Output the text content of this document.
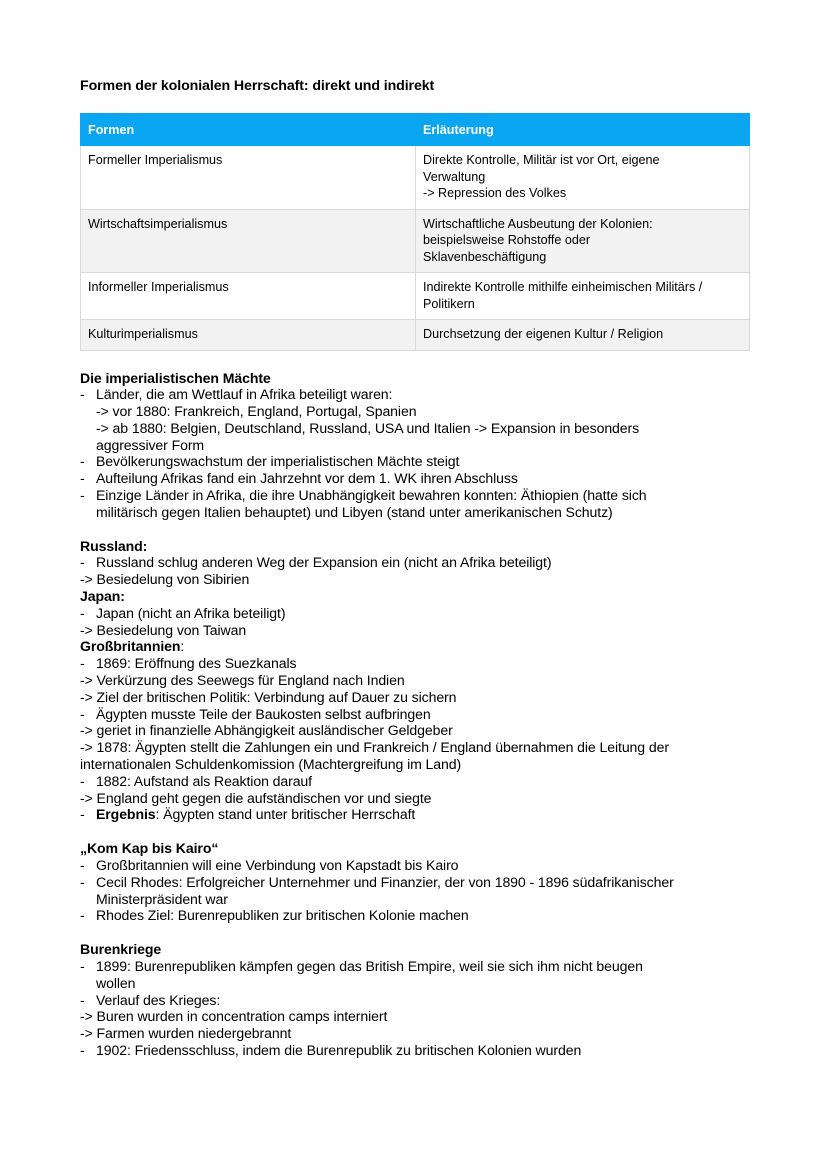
Formen der kolonialen Herrschaft: direkt und indirekt
Formen	Erläuterung
Formeller Imperialismus	Direkte Kontrolle, Militär ist vor Ort, eigene
Verwaltung
-> Repression des Volkes

Wirtschaftsimperialismus	Wirtschaftliche Ausbeutung der Kolonien:
beispielsweise Rohstoffe oder
Sklavenbeschäftigung

Informeller Imperialismus	Indirekte Kontrolle mithilfe einheimischen Militärs /
Politikern

Kulturimperialismus	Durchsetzung der eigenen Kultur / Religion
Die imperialistischen Mächte
- Länder, die am Wettlauf in Afrika beteiligt waren:
-> vor 1880: Frankreich, England, Portugal, Spanien
-> ab 1880: Belgien, Deutschland, Russland, USA und Italien -> Expansion in besonders
aggressiver Form
- Bevölkerungswachstum der imperialistischen Mächte steigt
- Aufteilung Afrikas fand ein Jahrzehnt vor dem 1. WK ihren Abschluss
- Einzige Länder in Afrika, die ihre Unabhängigkeit bewahren konnten: Äthiopien (hatte sich
militärisch gegen Italien behauptet) und Libyen (stand unter amerikanischen Schutz)
Russland:
- Russland schlug anderen Weg der Expansion ein (nicht an Afrika beteiligt)
-> Besiedelung von Sibirien
Japan:
- Japan (nicht an Afrika beteiligt)
-> Besiedelung von Taiwan
Großbritannien:
- 1869: Eröffnung des Suezkanals
-> Verkürzung des Seewegs für England nach Indien
-> Ziel der britischen Politik: Verbindung auf Dauer zu sichern
- Ägypten musste Teile der Baukosten selbst aufbringen
-> geriet in finanzielle Abhängigkeit ausländischer Geldgeber
-> 1878: Ägypten stellt die Zahlungen ein und Frankreich / England übernahmen die Leitung der
internationalen Schuldenkomission (Machtergreifung im Land)
- 1882: Aufstand als Reaktion darauf
-> England geht gegen die aufständischen vor und siegte
- Ergebnis: Ägypten stand unter britischer Herrschaft
„Kom Kap bis Kairo“
- Großbritannien will eine Verbindung von Kapstadt bis Kairo
- Cecil Rhodes: Erfolgreicher Unternehmer und Finanzier, der von 1890 - 1896 südafrikanischer
Ministerpräsident war
- Rhodes Ziel: Burenrepubliken zur britischen Kolonie machen
Burenkriege
- 1899: Burenrepubliken kämpfen gegen das British Empire, weil sie sich ihm nicht beugen
wollen
- Verlauf des Krieges:
-> Buren wurden in concentration camps interniert
-> Farmen wurden niedergebrannt
- 1902: Friedensschluss, indem die Burenrepublik zu britischen Kolonien wurden
